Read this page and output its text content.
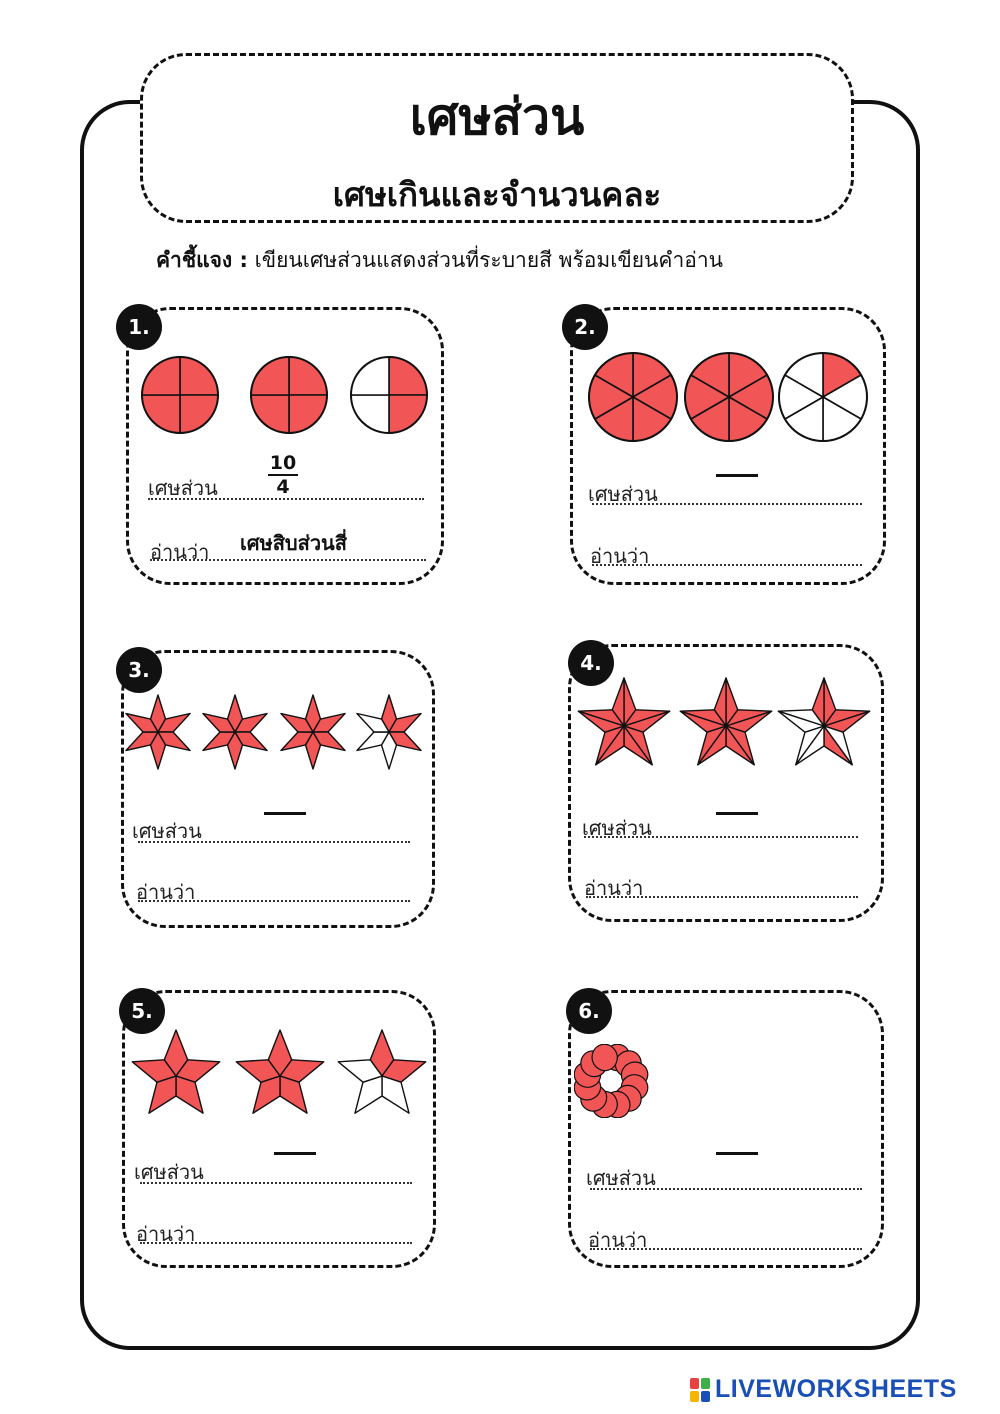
เศษส่วน
เศษเกินและจำนวนคละ
คำชี้แจง : เขียนเศษส่วนแสดงส่วนที่ระบายสี พร้อมเขียนคำอ่าน
1.
เศษส่วน	$\frac{10}{4}$
อ่านว่า เศษสิบส่วนสี่
2.
เศษส่วน
อ่านว่า
3.
เศษส่วน
อ่านว่า
4.
เศษส่วน
อ่านว่า
5.
เศษส่วน
อ่านว่า
6.
เศษส่วน
อ่านว่า
LIVEWORKSHEETS
